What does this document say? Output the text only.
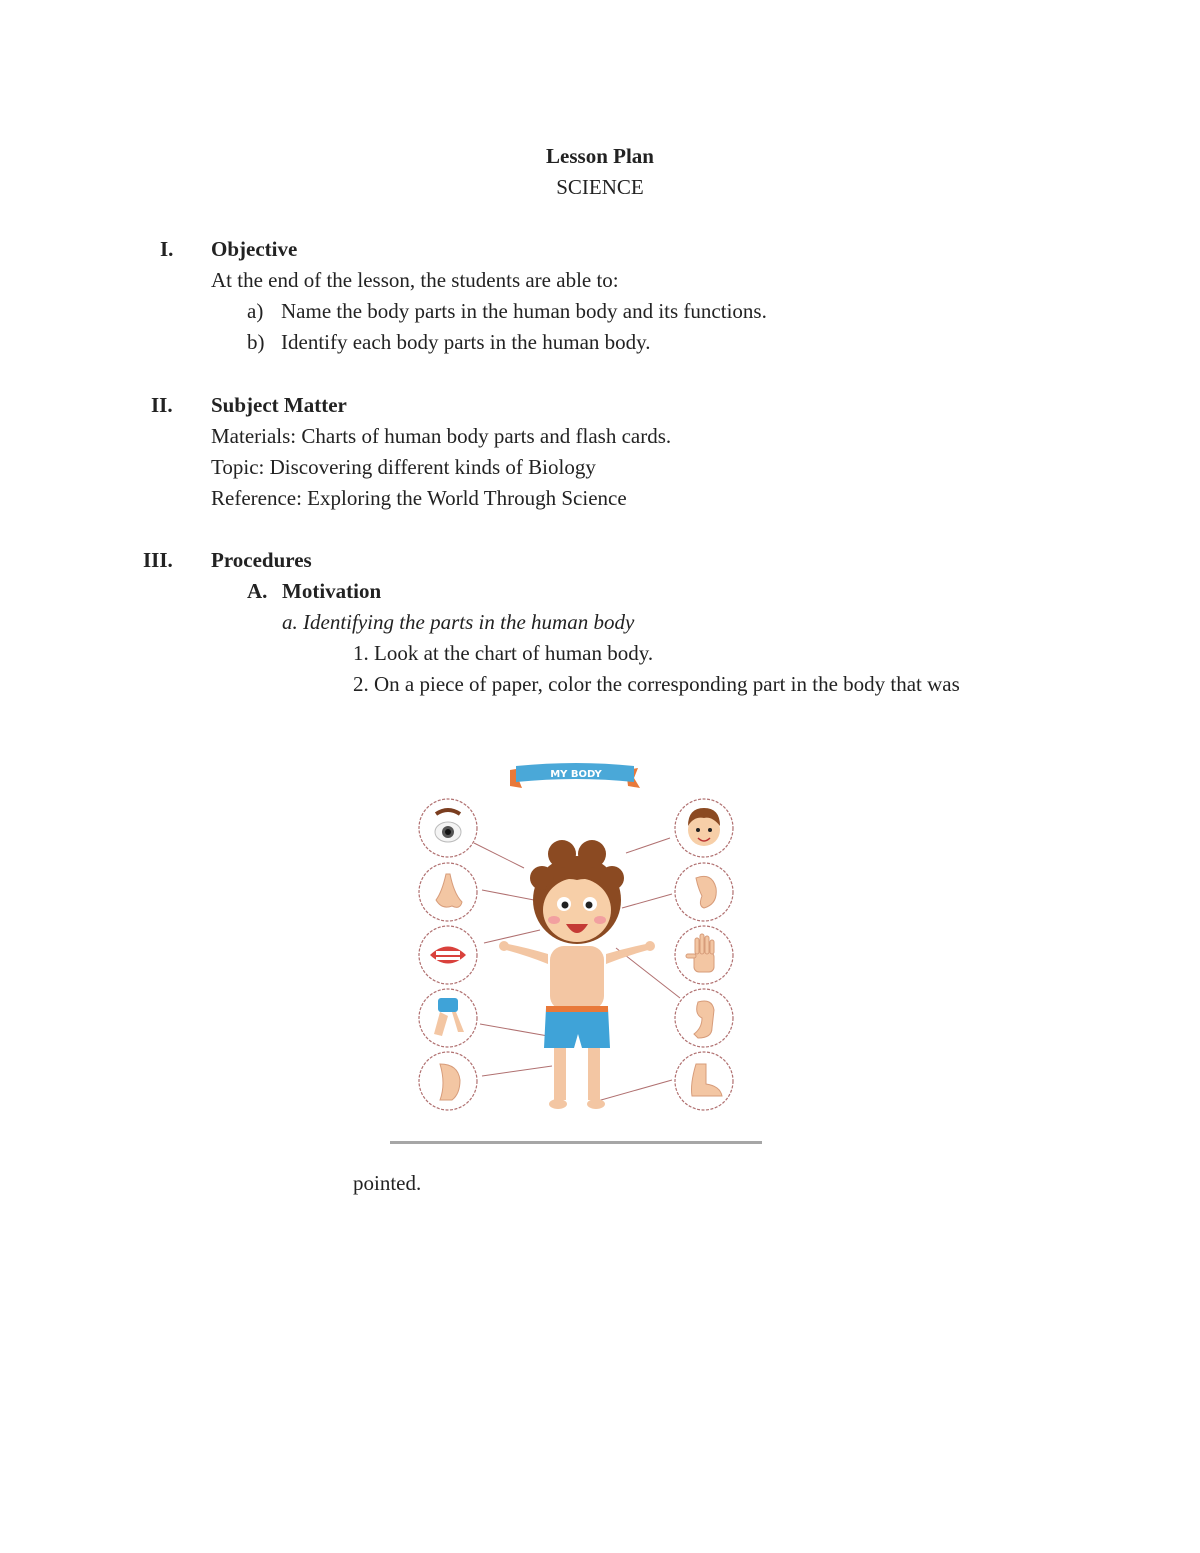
Lesson Plan
SCIENCE
I. Objective
At the end of the lesson, the students are able to:
a) Name the body parts in the human body and its functions.
b) Identify each body parts in the human body.
II. Subject Matter
Materials: Charts of human body parts and flash cards.
Topic: Discovering different kinds of Biology
Reference: Exploring the World Through Science
III. Procedures
A. Motivation
a. Identifying the parts in the human body
1. Look at the chart of human body.
2. On a piece of paper, color the corresponding part in the body that was
MY BODY
pointed.
